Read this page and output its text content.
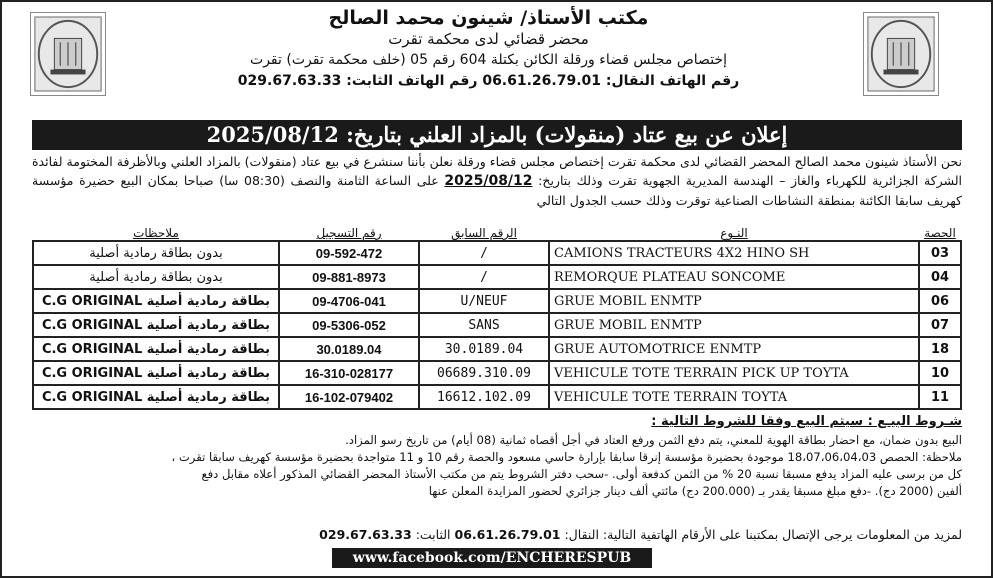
مكتب الأستاذ/ شينون محمد الصالح
محضر قضائي لدى محكمة تقرت
إختصاص مجلس قضاء ورقلة الكائن بكتلة 604 رقم 05 (خلف محكمة تقرت) تقرت
رقم الهاتف النقال: 06.61.26.79.01 رقم الهاتف الثابت: 029.67.63.33
إعلان عن بيع عتاد (منقولات) بالمزاد العلني بتاريخ: 2025/08/12
نحن الأستاذ شينون محمد الصالح المحضر القضائي لدى محكمة تقرت إختصاص مجلس قضاء ورقلة نعلن بأننا سنشرع في بيع عتاد (منقولات) بالمزاد العلني وبالأظرفة المختومة لفائدة الشركة الجزائرية للكهرباء والغاز – الهندسة المديرية الجهوية تقرت وذلك بتاريخ: 2025/08/12 على الساعة الثامنة والنصف (08:30 سا) صباحا بمكان البيع حضيرة مؤسسة كهريف سابقا الكائنة بمنطقة النشاطات الصناعية توقرت وذلك حسب الجدول التالي
الحصة	النـوع	الرقم السابق	رقم التسجيل	ملاحظات
03	CAMIONS TRACTEURS 4X2 HINO SH	/	09-592-472	بدون بطاقة رمادية أصلية
04	REMORQUE PLATEAU SONCOME	/	09-881-8973	بدون بطاقة رمادية أصلية
06	GRUE MOBIL ENMTP	U/NEUF	09-4706-041	بطاقة رمادية أصلية C.G ORIGINAL
07	GRUE MOBIL ENMTP	SANS	09-5306-052	بطاقة رمادية أصلية C.G ORIGINAL
18	GRUE AUTOMOTRICE ENMTP	30.0189.04	30.0189.04	بطاقة رمادية أصلية C.G ORIGINAL
10	VEHICULE TOTE TERRAIN PICK UP TOYTA	06689.310.09	16-310-028177	بطاقة رمادية أصلية C.G ORIGINAL
11	VEHICULE TOTE TERRAIN TOYTA	16612.102.09	16-102-079402	بطاقة رمادية أصلية C.G ORIGINAL
شـروط البيـع : سيتم البيع وفقا للشروط التالية :
البيع بدون ضمان، مع احضار بطاقة الهوية للمعني، يتم دفع الثمن ورفع العتاد في أجل أقصاه ثمانية (08 أيام) من تاريخ رسو المزاد.
ملاحظة: الحصص 18،07،06،04،03 موجودة بحضيرة مؤسسة إنرقا سابقا بإرارة حاسي مسعود والحصة رقم 10 و 11 متواجدة بحضيرة مؤسسة كهريف سابقا تقرت ،
كل من برسى عليه المزاد يدفع مسبقا نسبة 20 % من الثمن كدفعة أولى. -سحب دفتر الشروط يتم من مكتب الأستاذ المحضر القضائي المذكور أعلاه مقابل دفع
ألفين (2000 دج). -دفع مبلغ مسبقا يقدر بـ (200.000 دج) مائتي ألف دينار جزائري لحضور المزايدة المعلن عنها
لمزيد من المعلومات يرجى الإتصال بمكتبنا على الأرقام الهاتفية التالية: النقال: 06.61.26.79.01 الثابت: 029.67.63.33
www.facebook.com/ENCHERESPUB
